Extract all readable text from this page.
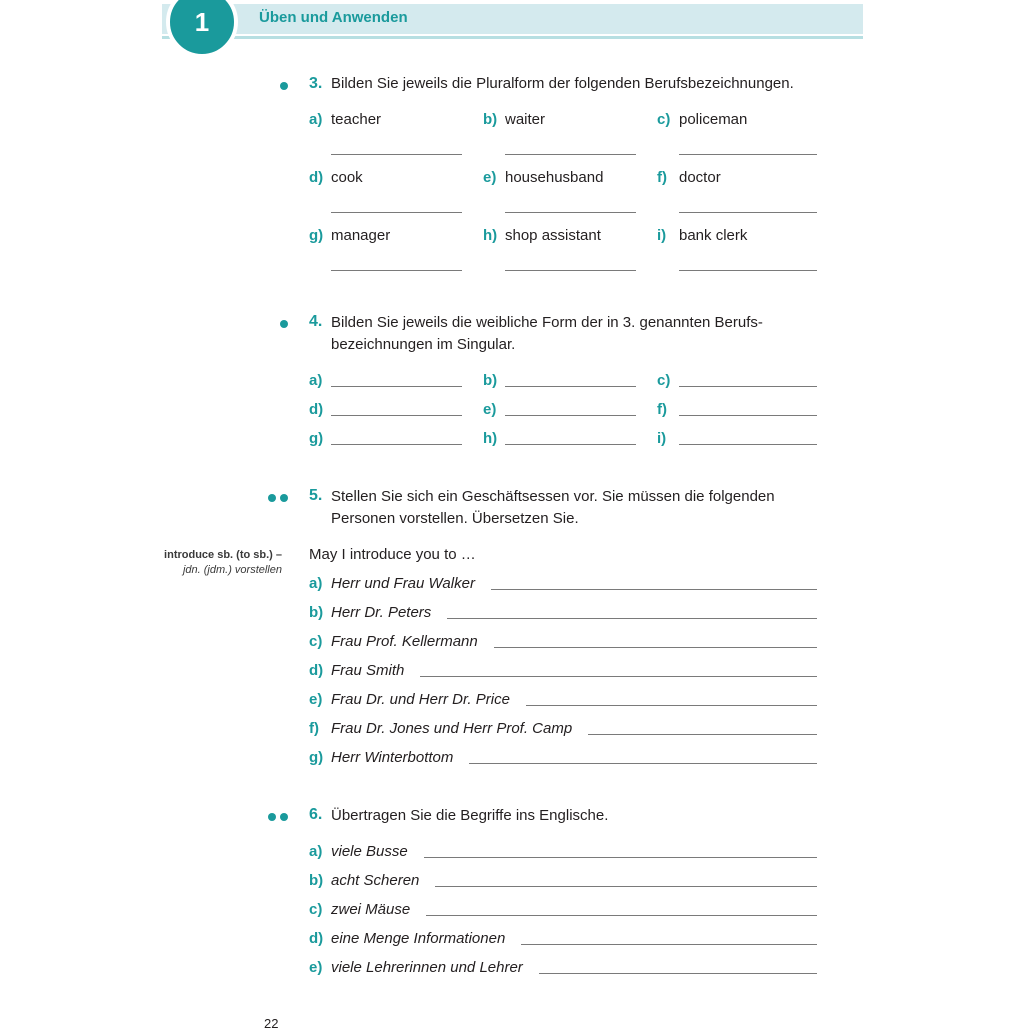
1	Üben und Anwenden
3. Bilden Sie jeweils die Pluralform der folgenden Berufsbezeichnungen.
a) teacher	b) waiter	c) policeman
d) cook	e) househusband	f) doctor
g) manager	h) shop assistant	i) bank clerk
4. Bilden Sie jeweils die weibliche Form der in 3. genannten Berufs-
bezeichnungen im Singular.
a)	b)	c)
d)	e)	f)
g)	h)	i)
5. Stellen Sie sich ein Geschäftsessen vor. Sie müssen die folgenden
Personen vorstellen. Übersetzen Sie.
introduce sb. (to sb.) –
jdn. (jdm.) vorstellen
May I introduce you to …
a) Herr und Frau Walker
b) Herr Dr. Peters
c) Frau Prof. Kellermann
d) Frau Smith
e) Frau Dr. und Herr Dr. Price
f) Frau Dr. Jones und Herr Prof. Camp
g) Herr Winterbottom
6. Übertragen Sie die Begriffe ins Englische.
a) viele Busse
b) acht Scheren
c) zwei Mäuse
d) eine Menge Informationen
e) viele Lehrerinnen und Lehrer
22
